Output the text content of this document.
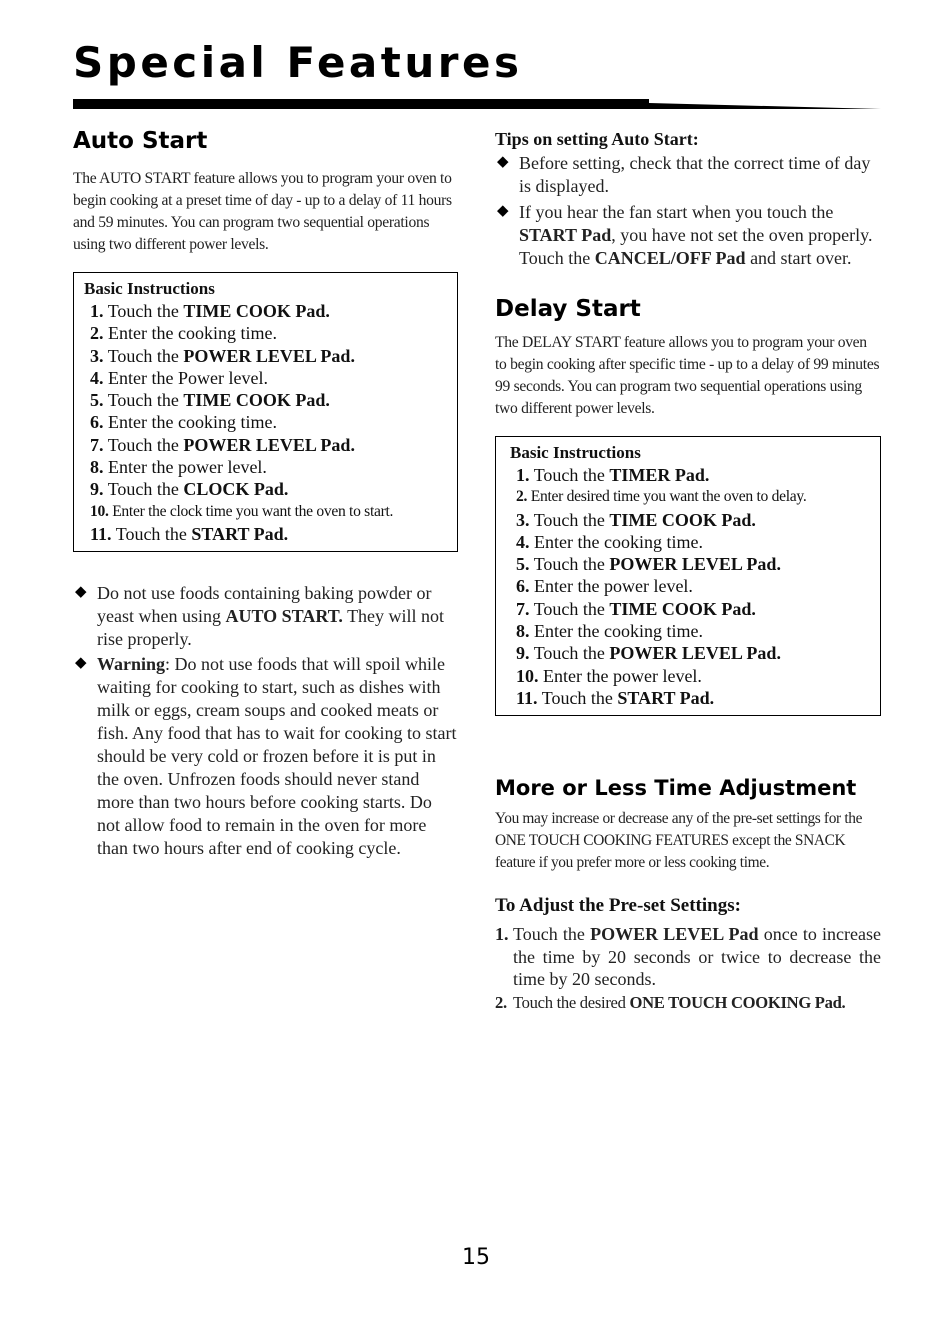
Special Features
Auto Start

The AUTO START feature allows you to program your oven to begin cooking at a preset time of day - up to a delay of 11 hours and 59 minutes. You can program two sequential operations using two different power levels.

Basic Instructions

1. Touch the TIME COOK Pad.
2. Enter the cooking time.
3. Touch the POWER LEVEL Pad.
4. Enter the Power level.
5. Touch the TIME COOK Pad.
6. Enter the cooking time.
7. Touch the POWER LEVEL Pad.
8. Enter the power level.
9. Touch the CLOCK Pad.
10. Enter the clock time you want the oven to start.
11. Touch the START Pad.
◆ Do not use foods containing baking powder or yeast when using AUTO START. They will not rise properly.
◆ Warning: Do not use foods that will spoil while waiting for cooking to start, such as dishes with milk or eggs, cream soups and cooked meats or fish. Any food that has to wait for cooking to start should be very cold or frozen before it is put in the oven. Unfrozen foods should never stand more than two hours before cooking starts. Do not allow food to remain in the oven for more than two hours after end of cooking cycle.

Tips on setting Auto Start:

◆ Before setting, check that the correct time of day is displayed.
◆ If you hear the fan start when you touch the START Pad, you have not set the oven properly. Touch the CANCEL/OFF Pad and start over.
Delay Start

The DELAY START feature allows you to program your oven to begin cooking after specific time - up to a delay of 99 minutes 99 seconds. You can program two sequential operations using two different power levels.

Basic Instructions

1. Touch the TIMER Pad.
2. Enter desired time you want the oven to delay.
3. Touch the TIME COOK Pad.
4. Enter the cooking time.
5. Touch the POWER LEVEL Pad.
6. Enter the power level.
7. Touch the TIME COOK Pad.
8. Enter the cooking time.
9. Touch the POWER LEVEL Pad.
10. Enter the power level.
11. Touch the START Pad.
More or Less Time Adjustment

You may increase or decrease any of the pre-set settings for the ONE TOUCH COOKING FEATURES except the SNACK feature if you prefer more or less cooking time.

To Adjust the Pre-set Settings:

1. Touch the POWER LEVEL Pad once to increase the time by 20 seconds or twice to decrease the time by 20 seconds.
2. Touch the desired ONE TOUCH COOKING Pad.
15
